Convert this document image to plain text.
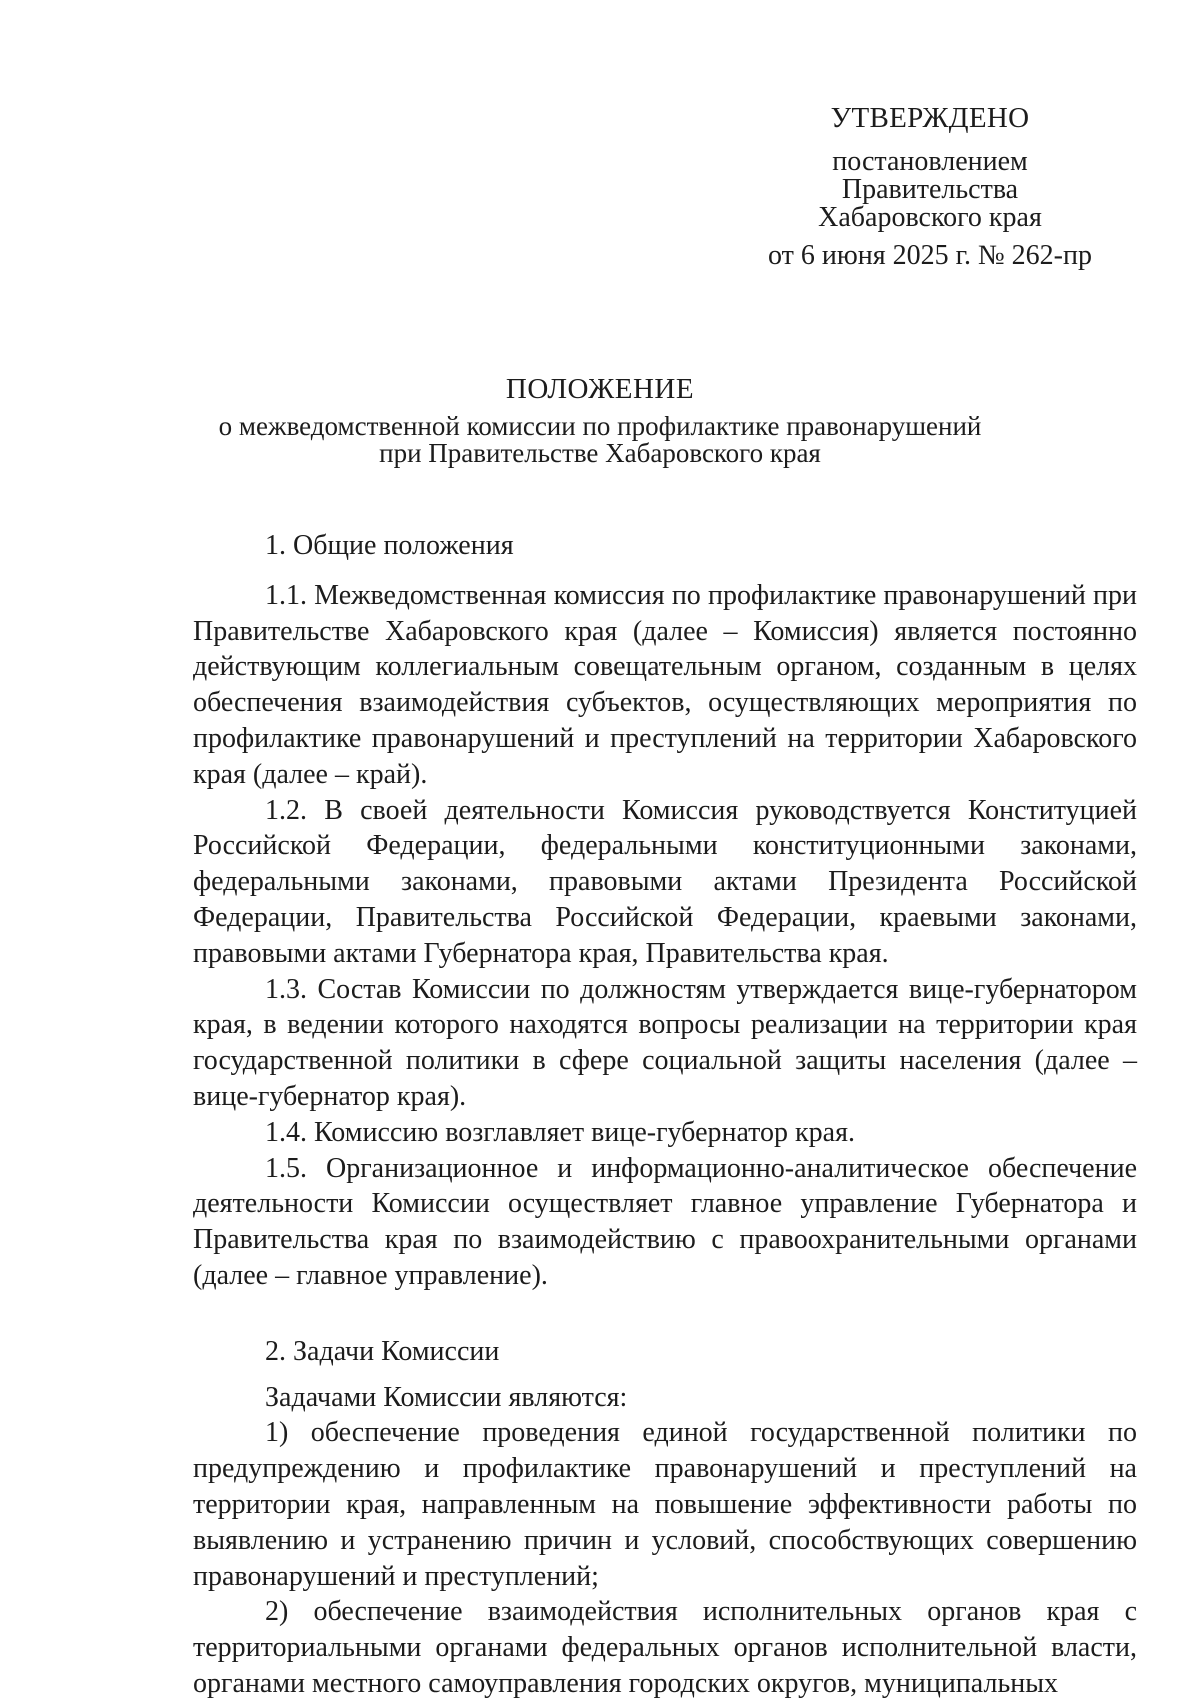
УТВЕРЖДЕНО
постановлением
Правительства
Хабаровского края
от 6 июня 2025 г. № 262-пр
ПОЛОЖЕНИЕ
о межведомственной комиссии по профилактике правонарушений
при Правительстве Хабаровского края

1. Общие положения

1.1. Межведомственная комиссия по профилактике правонарушений при Правительстве Хабаровского края (далее – Комиссия) является постоянно действующим коллегиальным совещательным органом, созданным в целях обеспечения взаимодействия субъектов, осуществляющих мероприятия по профилактике правонарушений и преступлений на территории Хабаровского края (далее – край).

1.2. В своей деятельности Комиссия руководствуется Конституцией Российской Федерации, федеральными конституционными законами, федеральными законами, правовыми актами Президента Российской Федерации, Правительства Российской Федерации, краевыми законами, правовыми актами Губернатора края, Правительства края.

1.3. Состав Комиссии по должностям утверждается вице-губернатором края, в ведении которого находятся вопросы реализации на территории края государственной политики в сфере социальной защиты населения (далее – вице-губернатор края).

1.4. Комиссию возглавляет вице-губернатор края.

1.5. Организационное и информационно-аналитическое обеспечение деятельности Комиссии осуществляет главное управление Губернатора и Правительства края по взаимодействию с правоохранительными органами (далее – главное управление).

2. Задачи Комиссии

Задачами Комиссии являются:

1) обеспечение проведения единой государственной политики по предупреждению и профилактике правонарушений и преступлений на территории края, направленным на повышение эффективности работы по выявлению и устранению причин и условий, способствующих совершению правонарушений и преступлений;

2) обеспечение взаимодействия исполнительных органов края с территориальными органами федеральных органов исполнительной власти, органами местного самоуправления городских округов, муниципальных
